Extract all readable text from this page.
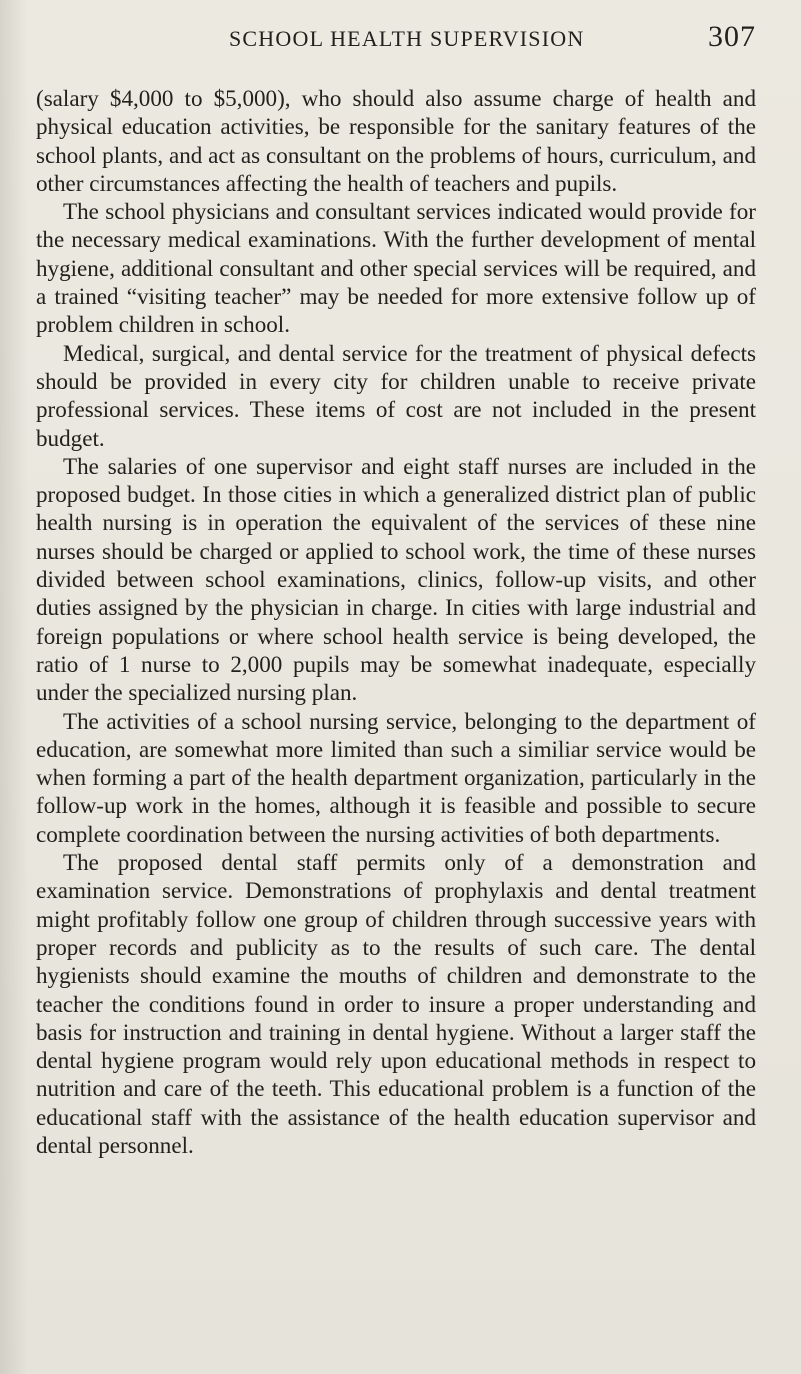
SCHOOL HEALTH SUPERVISION	307

(salary $4,000 to $5,000), who should also assume charge of health and physical education activities, be responsible for the sanitary features of the school plants, and act as consultant on the problems of hours, curriculum, and other circumstances affecting the health of teachers and pupils.

The school physicians and consultant services indicated would provide for the necessary medical examinations. With the further development of mental hygiene, additional consultant and other special services will be required, and a trained “visiting teacher” may be needed for more extensive follow up of problem children in school.

Medical, surgical, and dental service for the treatment of physical defects should be provided in every city for children unable to receive private professional services. These items of cost are not included in the present budget.

The salaries of one supervisor and eight staff nurses are included in the proposed budget. In those cities in which a generalized district plan of public health nursing is in operation the equivalent of the services of these nine nurses should be charged or applied to school work, the time of these nurses divided between school examinations, clinics, follow-up visits, and other duties assigned by the physician in charge. In cities with large industrial and foreign populations or where school health service is being developed, the ratio of 1 nurse to 2,000 pupils may be somewhat inadequate, especially under the specialized nursing plan.

The activities of a school nursing service, belonging to the department of education, are somewhat more limited than such a similiar service would be when forming a part of the health department organization, particularly in the follow-up work in the homes, although it is feasible and possible to secure complete coordination between the nursing activities of both departments.

The proposed dental staff permits only of a demonstration and examination service. Demonstrations of prophylaxis and dental treatment might profitably follow one group of children through successive years with proper records and publicity as to the results of such care. The dental hygienists should examine the mouths of children and demonstrate to the teacher the conditions found in order to insure a proper understanding and basis for instruction and training in dental hygiene. Without a larger staff the dental hygiene program would rely upon educational methods in respect to nutrition and care of the teeth. This educational problem is a function of the educational staff with the assistance of the health education supervisor and dental personnel.
